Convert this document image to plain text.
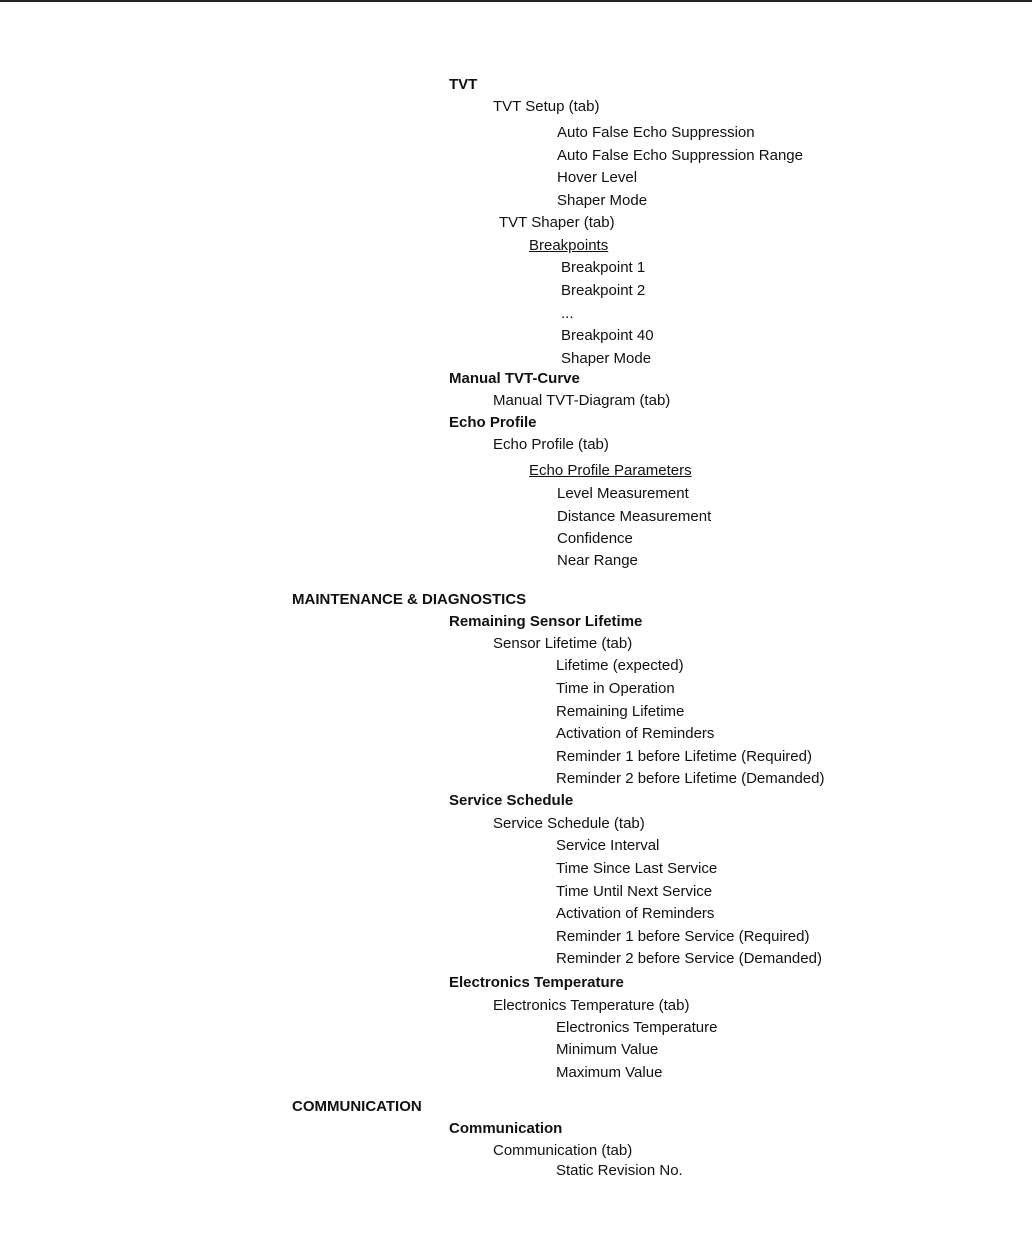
TVT
TVT Setup (tab)
Auto False Echo Suppression
Auto False Echo Suppression Range
Hover Level
Shaper Mode
TVT Shaper (tab)
Breakpoints
Breakpoint 1
Breakpoint 2
...
Breakpoint 40
Shaper Mode
Manual TVT-Curve
Manual TVT-Diagram (tab)
Echo Profile
Echo Profile (tab)
Echo Profile Parameters
Level Measurement
Distance Measurement
Confidence
Near Range
MAINTENANCE & DIAGNOSTICS
Remaining Sensor Lifetime
Sensor Lifetime (tab)
Lifetime (expected)
Time in Operation
Remaining Lifetime
Activation of Reminders
Reminder 1 before Lifetime (Required)
Reminder 2 before Lifetime (Demanded)
Service Schedule
Service Schedule (tab)
Service Interval
Time Since Last Service
Time Until Next Service
Activation of Reminders
Reminder 1 before Service (Required)
Reminder 2 before Service (Demanded)
Electronics Temperature
Electronics Temperature (tab)
Electronics Temperature
Minimum Value
Maximum Value
COMMUNICATION
Communication
Communication (tab)
Static Revision No.
